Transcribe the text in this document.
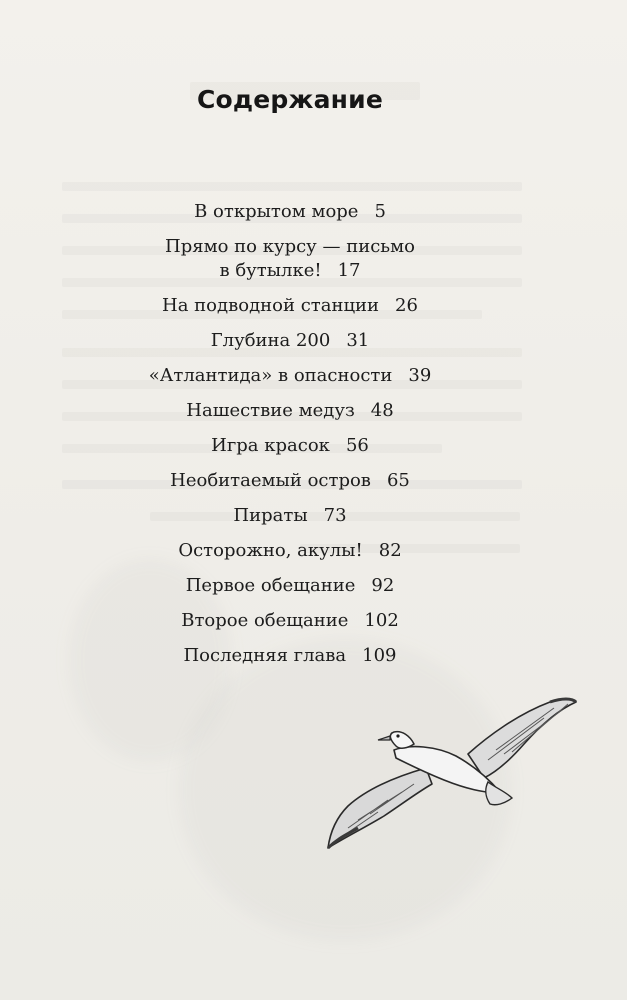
Содержание
В открытом море 5
Прямо по курсу — письмо
в бутылке! 17
На подводной станции 26
Глубина 200 31
«Атлантида» в опасности 39
Нашествие медуз 48
Игра красок 56
Необитаемый остров 65
Пираты 73
Осторожно, акулы! 82
Первое обещание 92
Второе обещание 102
Последняя глава 109
